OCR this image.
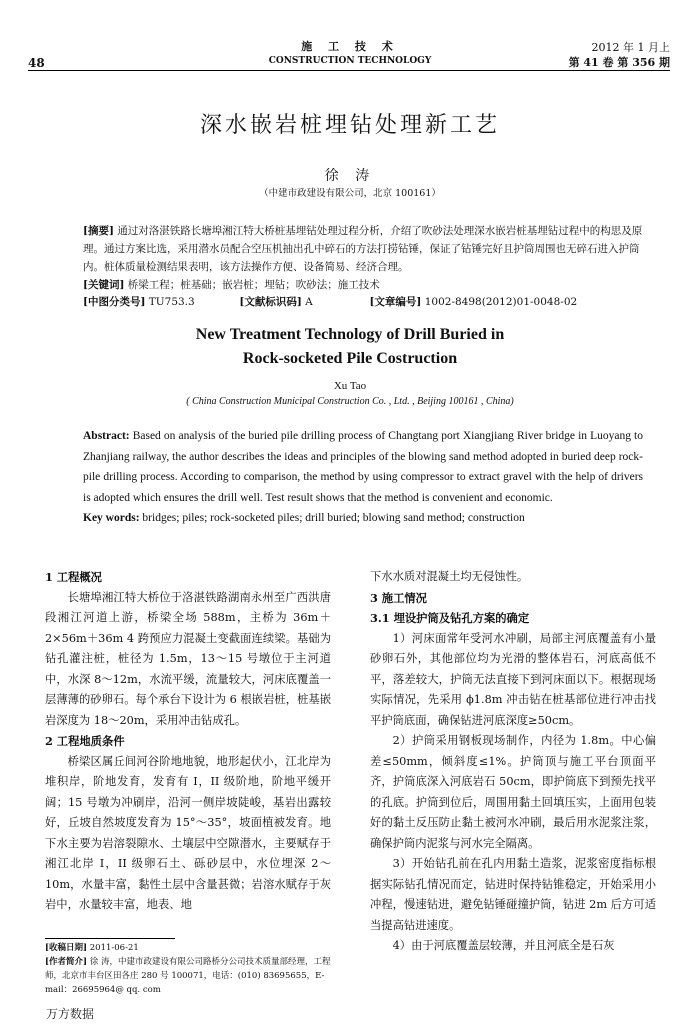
48
施 工 技 术
CONSTRUCTION TECHNOLOGY
2012 年 1 月上
第 41 卷 第 356 期
深水嵌岩桩埋钻处理新工艺
徐 涛
（中建市政建设有限公司，北京 100161）
[摘要] 通过对洛湛铁路长塘埠湘江特大桥桩基埋钻处理过程分析，介绍了吹砂法处理深水嵌岩桩基埋钻过程中的构思及原理。通过方案比选，采用潜水员配合空压机抽出孔中碎石的方法打捞钻锤，保证了钻锤完好且护筒周围也无碎石进入护筒内。桩体质量检测结果表明，该方法操作方便、设备简易、经济合理。
[关键词] 桥梁工程；桩基础；嵌岩桩；埋钻；吹砂法；施工技术
[中图分类号] TU753.3	[文献标识码] A	[文章编号] 1002-8498(2012)01-0048-02
New Treatment Technology of Drill Buried in
Rock-socketed Pile Costruction
Xu Tao
( China Construction Municipal Construction Co. , Ltd. , Beijing 100161 , China)
Abstract: Based on analysis of the buried pile drilling process of Changtang port Xiangjiang River bridge in Luoyang to Zhanjiang railway, the author describes the ideas and principles of the blowing sand method adopted in buried deep rock-pile drilling process. According to comparison, the method by using compressor to extract gravel with the help of drivers is adopted which ensures the drill well. Test result shows that the method is convenient and economic.
Key words: bridges; piles; rock-socketed piles; drill buried; blowing sand method; construction

1 工程概况

长塘埠湘江特大桥位于洛湛铁路湖南永州至广西洪唐段湘江河道上游，桥梁全场 588m，主桥为 36m＋2×56m＋36m 4 跨预应力混凝土变截面连续梁。基础为钻孔灌注桩，桩径为 1.5m，13～15 号墩位于主河道中，水深 8～12m，水流平缓，流量较大，河床底覆盖一层薄薄的砂卵石。每个承台下设计为 6 根嵌岩桩，桩基嵌岩深度为 18～20m，采用冲击钻成孔。

2 工程地质条件

桥梁区属丘间河谷阶地地貌，地形起伏小，江北岸为堆积岸，阶地发育，发育有 I，II 级阶地，阶地平缓开阔；15 号墩为冲刷岸，沿河一侧岸坡陡峻，基岩出露较好，丘坡自然坡度发育为 15°～35°，坡面植被发育。地下水主要为岩溶裂隙水、土壤层中空隙潜水，主要赋存于湘江北岸 I，II 级卵石土、砾砂层中，水位埋深 2～10m，水量丰富，黏性土层中含量甚微；岩溶水赋存于灰岩中，水量较丰富，地表、地

下水水质对混凝土均无侵蚀性。

3 施工情况

3.1 埋设护筒及钻孔方案的确定

1）河床面常年受河水冲刷，局部主河底覆盖有小量砂卵石外，其他部位均为光滑的整体岩石，河底高低不平，落差较大，护筒无法直接下到河床面以下。根据现场实际情况，先采用 ϕ1.8m 冲击钻在桩基部位进行冲击找平护筒底面，确保钻进河底深度≥50cm。

2）护筒采用钢板现场制作，内径为 1.8m。中心偏差≤50mm，倾斜度≤1%。护筒顶与施工平台顶面平齐，护筒底深入河底岩石 50cm，即护筒底下到预先找平的孔底。护筒到位后，周围用黏土回填压实，上面用包装好的黏土反压防止黏土被河水冲刷，最后用水泥浆注浆，确保护筒内泥浆与河水完全隔离。

3）开始钻孔前在孔内用黏土造浆，泥浆密度指标根据实际钻孔情况而定，钻进时保持钻锥稳定，开始采用小冲程，慢速钻进，避免钻锤碰撞护筒，钻进 2m 后方可适当提高钻进速度。

4）由于河底覆盖层较薄，并且河底全是石灰

[收稿日期] 2011-06-21
[作者简介] 徐 涛，中建市政建设有限公司路桥分公司技术质量部经理，工程师，北京市丰台区田各庄 280 号 100071，电话：(010) 83695655，E-mail：26695964@ qq. com
万方数据
